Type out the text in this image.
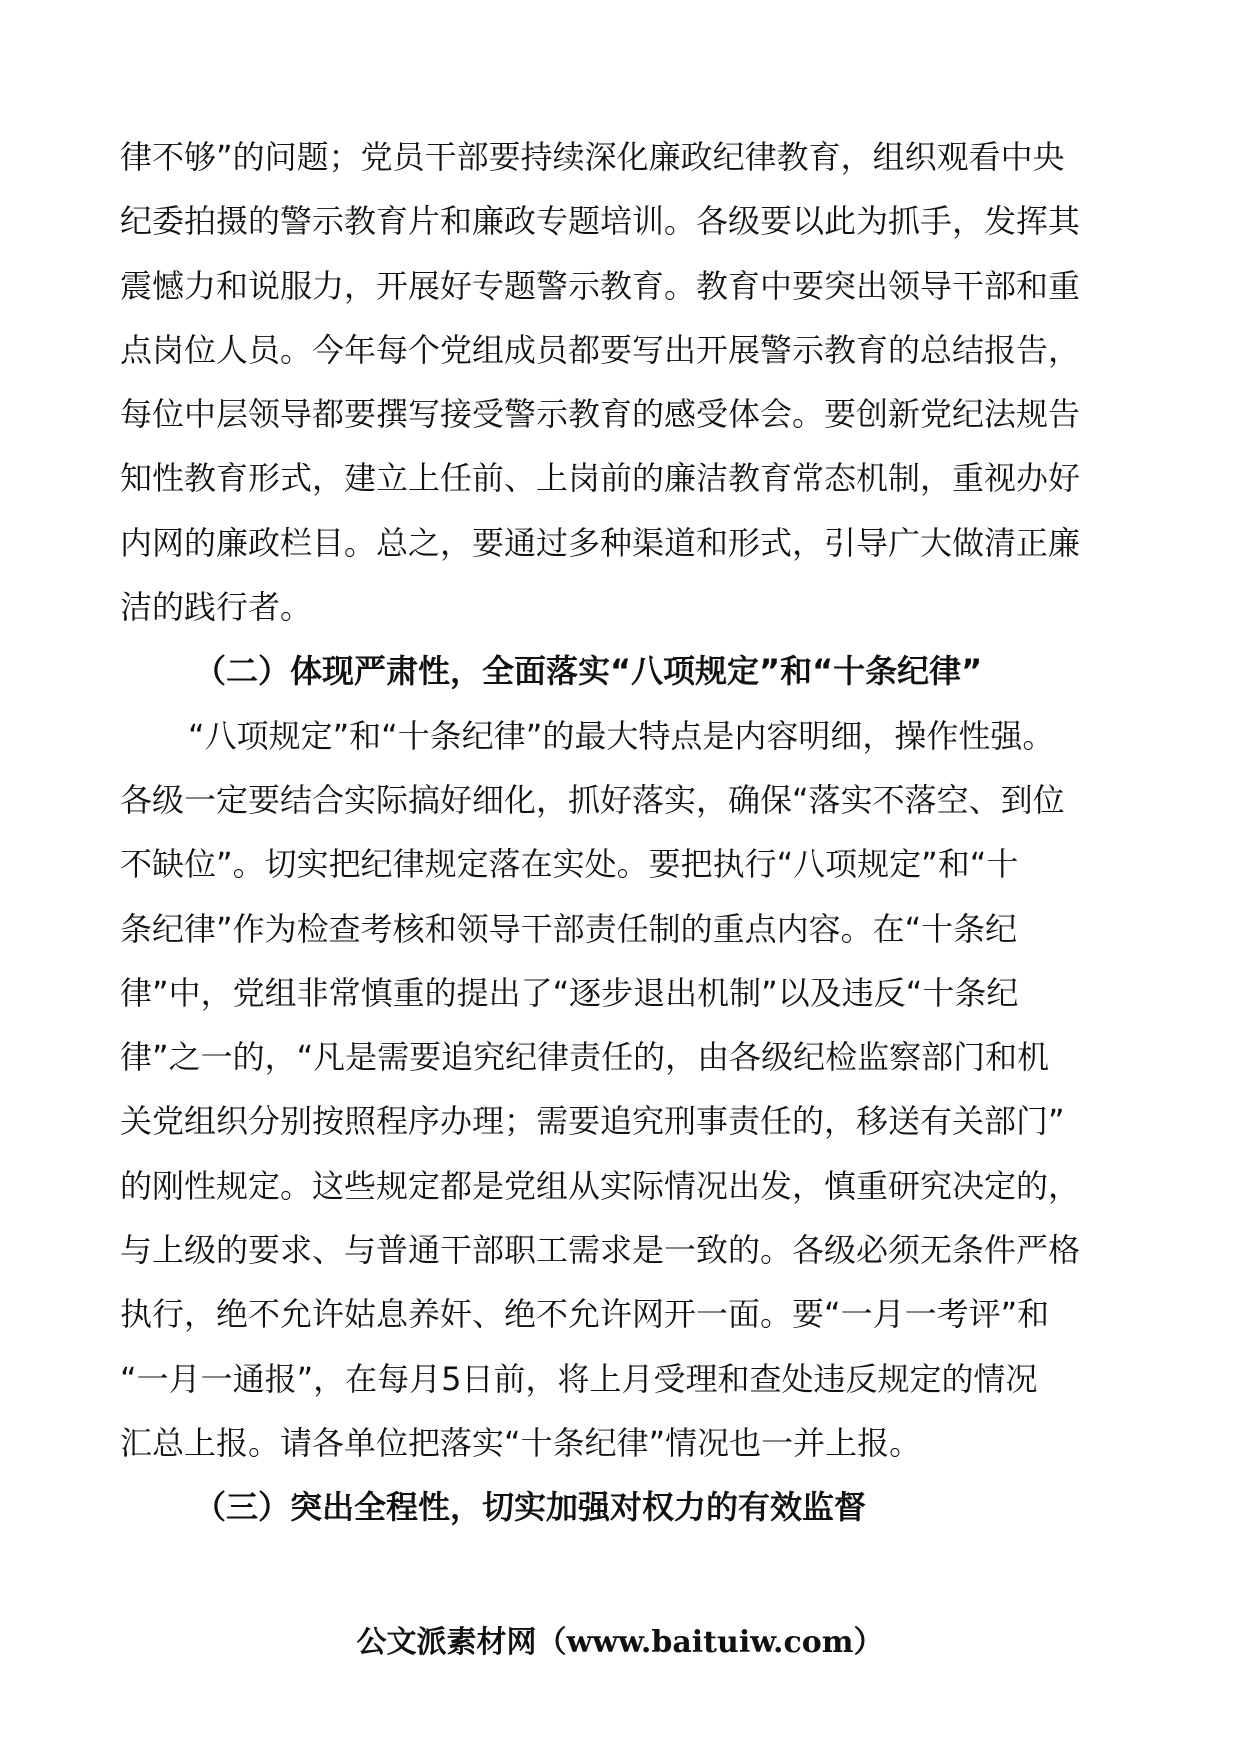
律不够”的问题；党员干部要持续深化廉政纪律教育，组织观看中央
纪委拍摄的警示教育片和廉政专题培训。各级要以此为抓手，发挥其
震憾力和说服力，开展好专题警示教育。教育中要突出领导干部和重
点岗位人员。今年每个党组成员都要写出开展警示教育的总结报告，
每位中层领导都要撰写接受警示教育的感受体会。要创新党纪法规告
知性教育形式，建立上任前、上岗前的廉洁教育常态机制，重视办好
内网的廉政栏目。总之，要通过多种渠道和形式，引导广大做清正廉
洁的践行者。
（二）体现严肃性，全面落实“八项规定”和“十条纪律”
“八项规定”和“十条纪律”的最大特点是内容明细，操作性强。
各级一定要结合实际搞好细化，抓好落实，确保“落实不落空、到位
不缺位”。切实把纪律规定落在实处。要把执行“八项规定”和“十
条纪律”作为检查考核和领导干部责任制的重点内容。在“十条纪
律”中，党组非常慎重的提出了“逐步退出机制”以及违反“十条纪
律”之一的，“凡是需要追究纪律责任的，由各级纪检监察部门和机
关党组织分别按照程序办理；需要追究刑事责任的，移送有关部门”
的刚性规定。这些规定都是党组从实际情况出发，慎重研究决定的，
与上级的要求、与普通干部职工需求是一致的。各级必须无条件严格
执行，绝不允许姑息养奸、绝不允许网开一面。要“一月一考评”和
“一月一通报”，在每月5日前，将上月受理和查处违反规定的情况
汇总上报。请各单位把落实“十条纪律”情况也一并上报。
（三）突出全程性，切实加强对权力的有效监督
公文派素材网（www.baituiw.com）
